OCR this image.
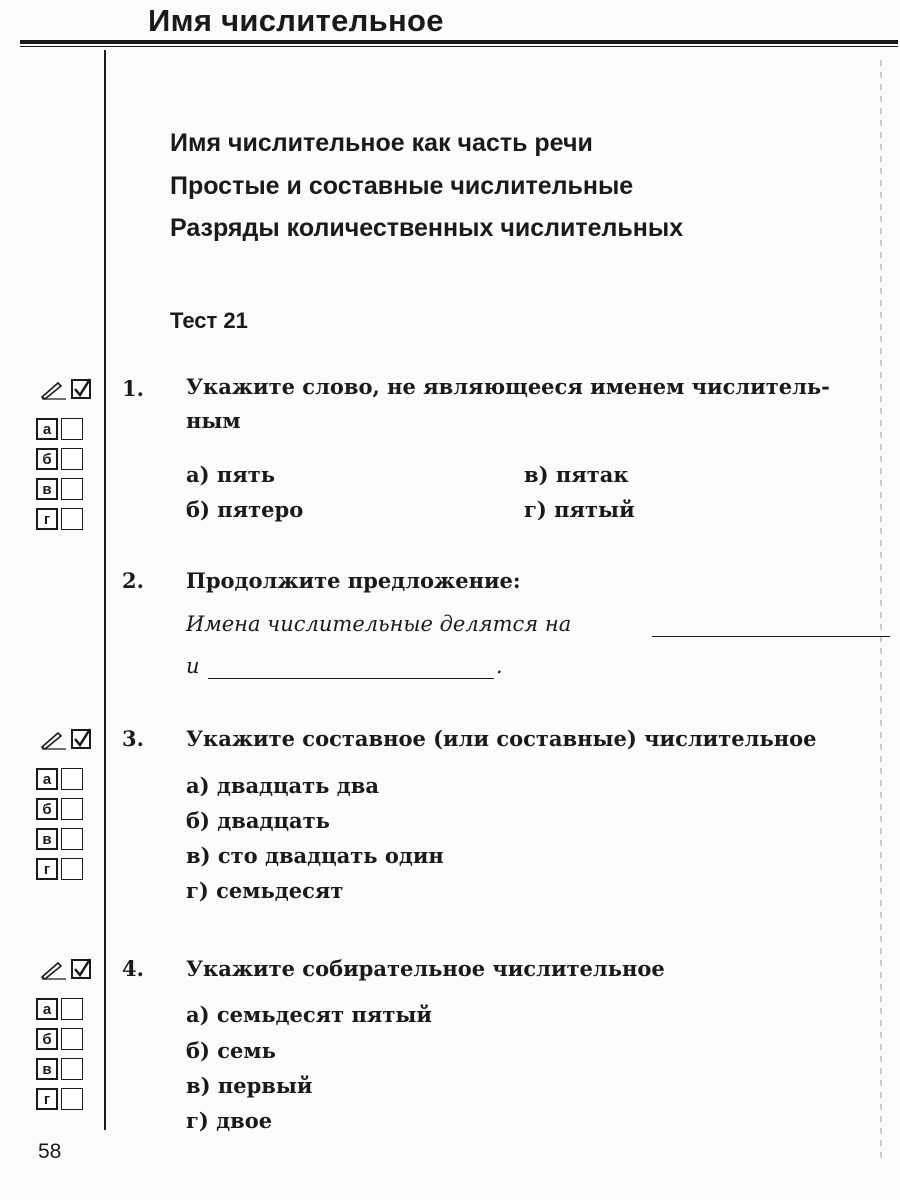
Имя числительное
Имя числительное как часть речи
Простые и составные числительные
Разряды количественных числительных
Тест 21
а
б
в
г
1. Укажите слово, не являющееся именем числитель-
ным
а) пять	в) пятак
б) пятеро	г) пятый
2. Продолжите предложение:
Имена числительные делятся на
и	.
а
б
в
г
3. Укажите составное (или составные) числительное
а) двадцать два
б) двадцать
в) сто двадцать один
г) семьдесят
а
б
в
г
4. Укажите собирательное числительное
а) семьдесят пятый
б) семь
в) первый
г) двое
58
